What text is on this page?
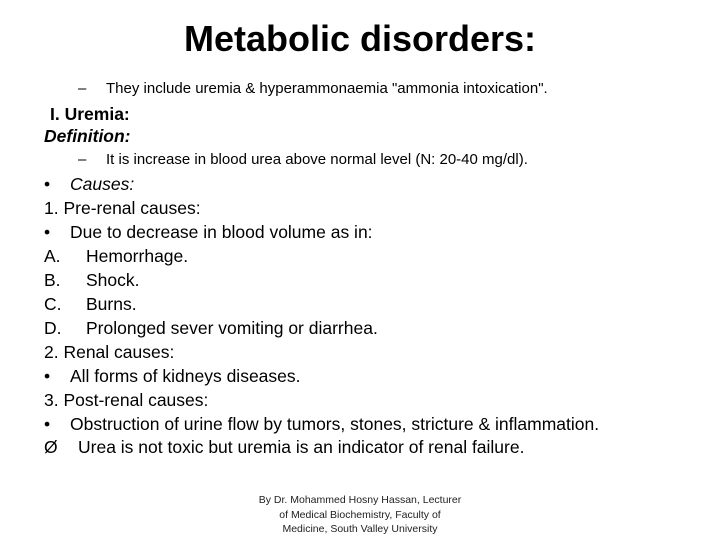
Metabolic disorders:
– They include uremia & hyperammonaemia "ammonia intoxication".
I. Uremia:
Definition:
– It is increase in blood urea above normal level (N: 20-40 mg/dl).
• Causes:
1. Pre-renal causes:
• Due to decrease in blood volume as in:
A. Hemorrhage.
B. Shock.
C. Burns.
D. Prolonged sever vomiting or diarrhea.
2. Renal causes:
• All forms of kidneys diseases.
3. Post-renal causes:
• Obstruction of urine flow by tumors, stones, stricture & inflammation.
Ø Urea is not toxic but uremia is an indicator of renal failure.
By Dr. Mohammed Hosny Hassan, Lecturer
of Medical Biochemistry, Faculty of
Medicine, South Valley University
